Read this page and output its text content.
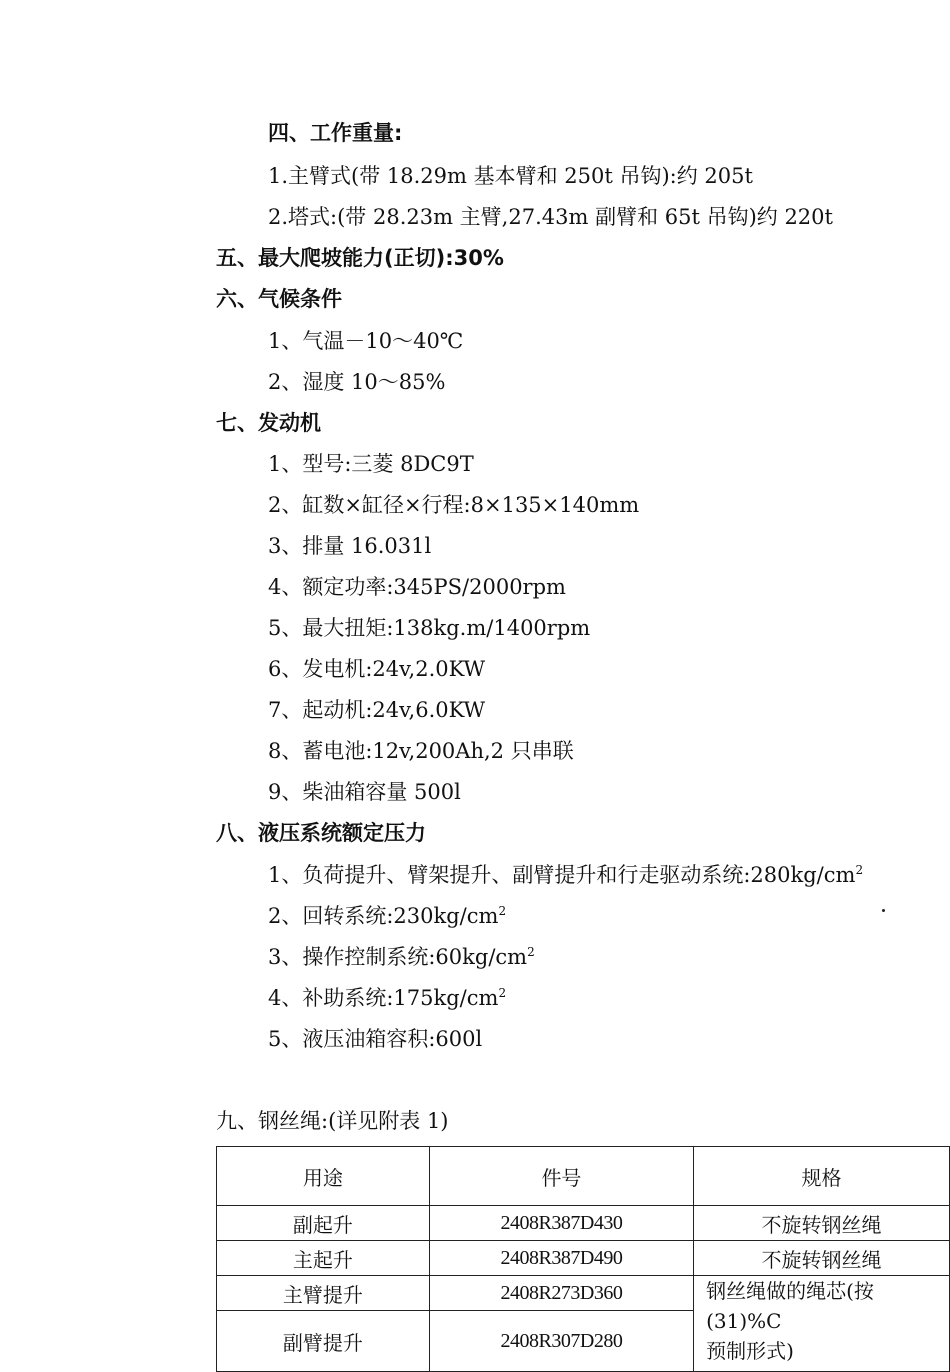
四、工作重量:
1.主臂式(带 18.29m 基本臂和 250t 吊钩):约 205t
2.塔式:(带 28.23m 主臂,27.43m 副臂和 65t 吊钩)约 220t
五、最大爬坡能力(正切):30%
六、气候条件
1、气温－10～40℃
2、湿度 10～85%
七、发动机
1、型号:三菱 8DC9T
2、缸数×缸径×行程:8×135×140mm
3、排量 16.031l
4、额定功率:345PS/2000rpm
5、最大扭矩:138kg.m/1400rpm
6、发电机:24v,2.0KW
7、起动机:24v,6.0KW
8、蓄电池:12v,200Ah,2 只串联
9、柴油箱容量 500l
八、液压系统额定压力
1、负荷提升、臂架提升、副臂提升和行走驱动系统$:280kg/cm^2$
2、回转系统$:230kg/cm^2$
3、操作控制系统$:60kg/cm^2$
4、补助系统$:175kg/cm^2$
5、液压油箱容积:600l
九、钢丝绳:(详见附表 1)
用途	件号	规格
副起升	2408R387D430	不旋转钢丝绳
主起升	2408R387D490	不旋转钢丝绳
主臂提升	2408R273D360	钢丝绳做的绳芯(按
(31)%C
预制形式)

副臂提升	2408R307D280	
